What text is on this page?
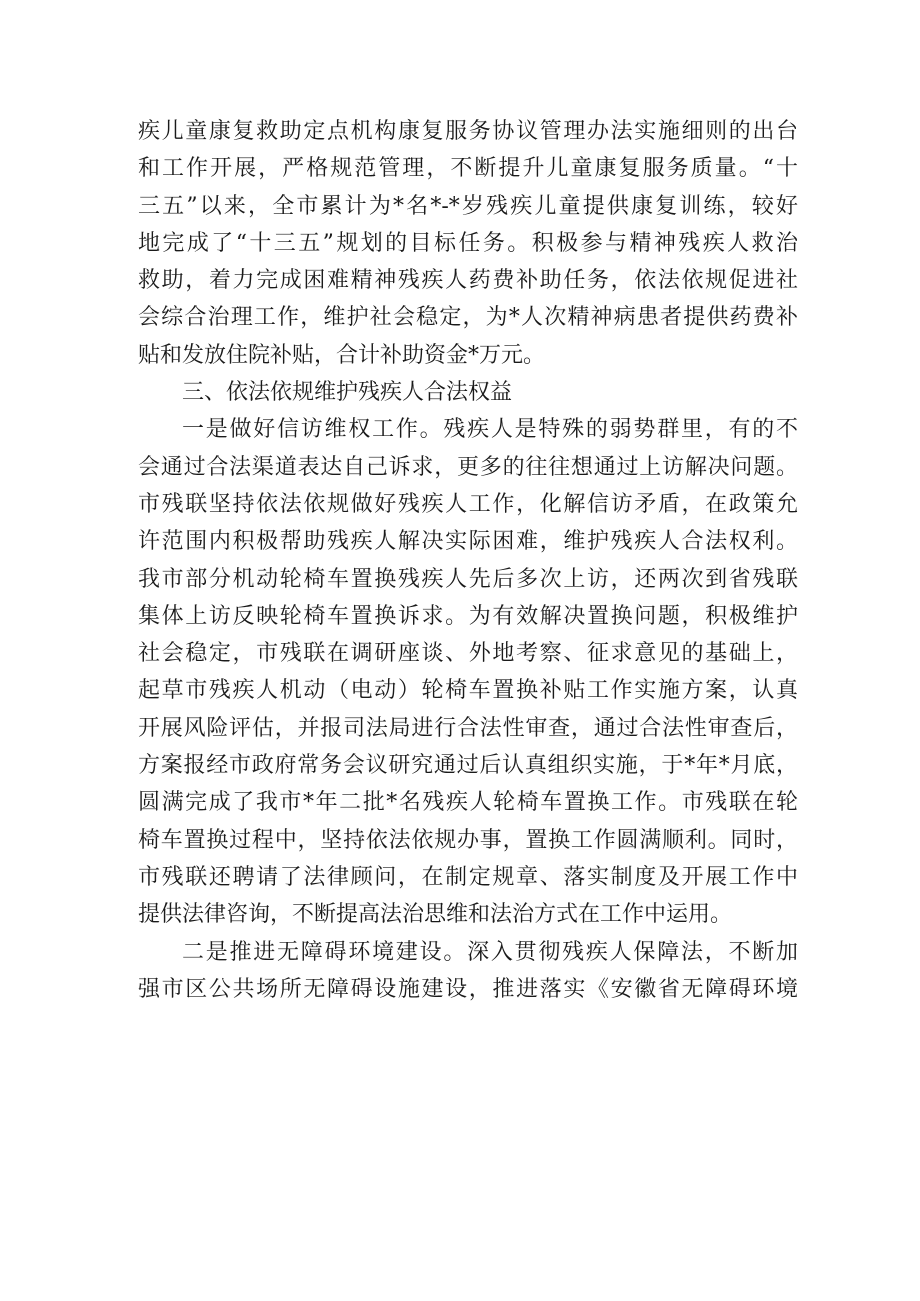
疾儿童康复救助定点机构康复服务协议管理办法实施细则的出台
和工作开展，严格规范管理，不断提升儿童康复服务质量。“十
三五”以来，全市累计为*名*-*岁残疾儿童提供康复训练，较好
地完成了“十三五”规划的目标任务。积极参与精神残疾人救治
救助，着力完成困难精神残疾人药费补助任务，依法依规促进社
会综合治理工作，维护社会稳定，为*人次精神病患者提供药费补
贴和发放住院补贴，合计补助资金*万元。
三、依法依规维护残疾人合法权益
一是做好信访维权工作。残疾人是特殊的弱势群里，有的不
会通过合法渠道表达自己诉求，更多的往往想通过上访解决问题。
市残联坚持依法依规做好残疾人工作，化解信访矛盾，在政策允
许范围内积极帮助残疾人解决实际困难，维护残疾人合法权利。
我市部分机动轮椅车置换残疾人先后多次上访，还两次到省残联
集体上访反映轮椅车置换诉求。为有效解决置换问题，积极维护
社会稳定，市残联在调研座谈、外地考察、征求意见的基础上，
起草市残疾人机动（电动）轮椅车置换补贴工作实施方案，认真
开展风险评估，并报司法局进行合法性审查，通过合法性审查后，
方案报经市政府常务会议研究通过后认真组织实施，于*年*月底，
圆满完成了我市*年二批*名残疾人轮椅车置换工作。市残联在轮
椅车置换过程中，坚持依法依规办事，置换工作圆满顺利。同时，
市残联还聘请了法律顾问，在制定规章、落实制度及开展工作中
提供法律咨询，不断提高法治思维和法治方式在工作中运用。
二是推进无障碍环境建设。深入贯彻残疾人保障法，不断加
强市区公共场所无障碍设施建设，推进落实《安徽省无障碍环境
